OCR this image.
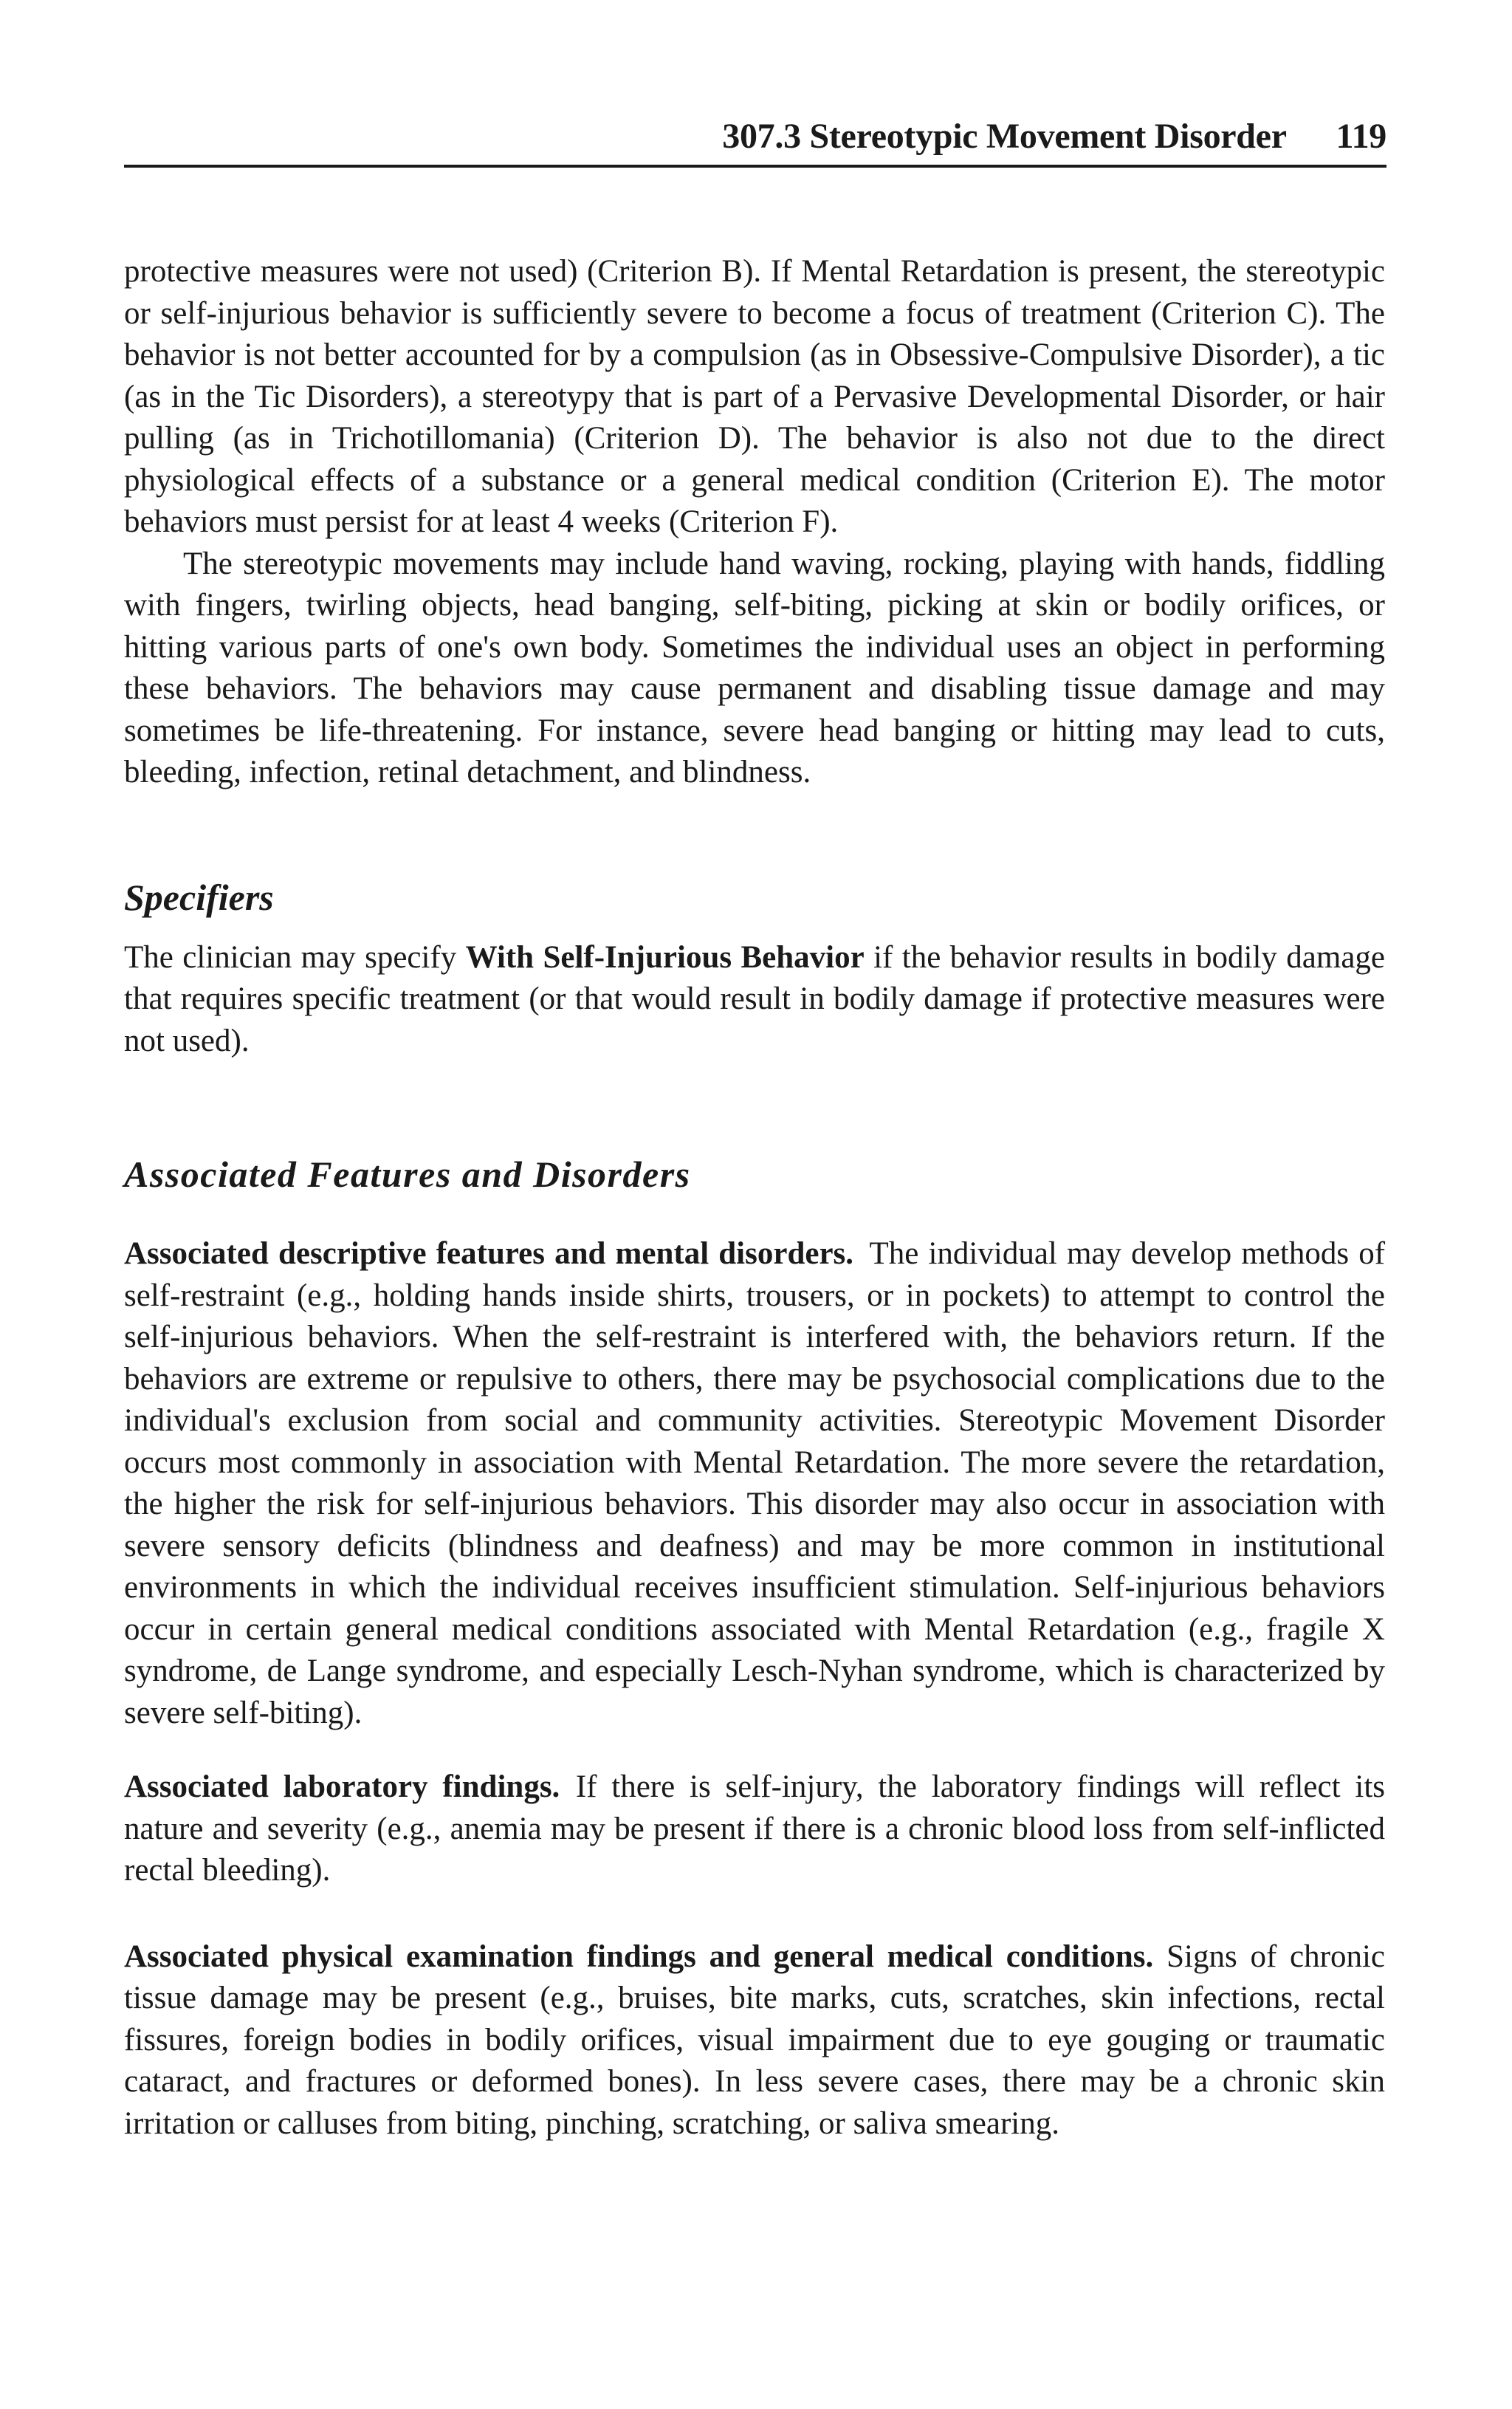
307.3 Stereotypic Movement Disorder 119

protective measures were not used) (Criterion B). If Mental Retardation is present, the stereotypic or self-injurious behavior is sufficiently severe to become a focus of treatment (Criterion C). The behavior is not better accounted for by a compulsion (as in Obsessive-Compulsive Disorder), a tic (as in the Tic Disorders), a stereotypy that is part of a Pervasive Developmental Disorder, or hair pulling (as in Trichotillomania) (Criterion D). The behavior is also not due to the direct physiological effects of a substance or a general medical condition (Criterion E). The motor behaviors must persist for at least 4 weeks (Criterion F).

The stereotypic movements may include hand waving, rocking, playing with hands, fiddling with fingers, twirling objects, head banging, self-biting, picking at skin or bodily orifices, or hitting various parts of one's own body. Sometimes the individual uses an object in performing these behaviors. The behaviors may cause permanent and disabling tissue damage and may sometimes be life-threatening. For instance, severe head banging or hitting may lead to cuts, bleeding, infection, retinal detachment, and blindness.

Specifiers

The clinician may specify With Self-Injurious Behavior if the behavior results in bodily damage that requires specific treatment (or that would result in bodily damage if protective measures were not used).

Associated Features and Disorders

Associated descriptive features and mental disorders.  The individual may develop methods of self-restraint (e.g., holding hands inside shirts, trousers, or in pockets) to attempt to control the self-injurious behaviors. When the self-restraint is interfered with, the behaviors return. If the behaviors are extreme or repulsive to others, there may be psychosocial complications due to the individual's exclusion from social and community activities. Stereotypic Movement Disorder occurs most commonly in association with Mental Retardation. The more severe the retardation, the higher the risk for self-injurious behaviors. This disorder may also occur in association with severe sensory deficits (blindness and deafness) and may be more common in institutional environments in which the individual receives insufficient stimulation. Self-injurious behaviors occur in certain general medical conditions associated with Mental Retardation (e.g., fragile X syndrome, de Lange syndrome, and especially Lesch-Nyhan syndrome, which is characterized by severe self-biting).

Associated laboratory findings.  If there is self-injury, the laboratory findings will reflect its nature and severity (e.g., anemia may be present if there is a chronic blood loss from self-inflicted rectal bleeding).

Associated physical examination findings and general medical conditions. Signs of chronic tissue damage may be present (e.g., bruises, bite marks, cuts, scratches, skin infections, rectal fissures, foreign bodies in bodily orifices, visual impairment due to eye gouging or traumatic cataract, and fractures or deformed bones). In less severe cases, there may be a chronic skin irritation or calluses from biting, pinching, scratching, or saliva smearing.
